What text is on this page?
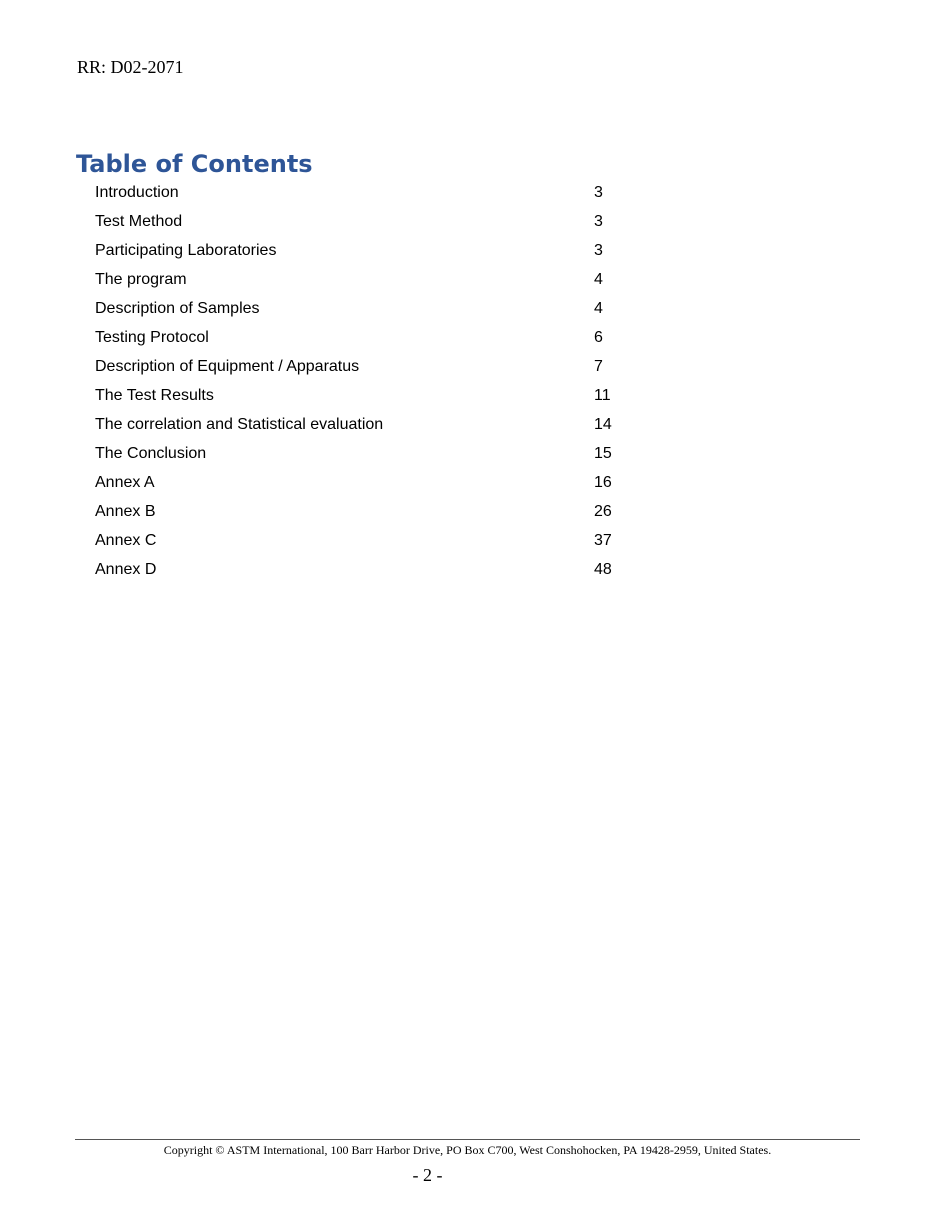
RR: D02-2071
Table of Contents
Introduction	3
Test Method	3
Participating Laboratories	3
The program	4
Description of Samples	4
Testing Protocol	6
Description of Equipment / Apparatus	7
The Test Results	11
The correlation and Statistical evaluation	14
The Conclusion	15
Annex A	16
Annex B	26
Annex C	37
Annex D	48
Copyright © ASTM International, 100 Barr Harbor Drive, PO Box C700, West Conshohocken, PA 19428-2959, United States.
- 2 -
